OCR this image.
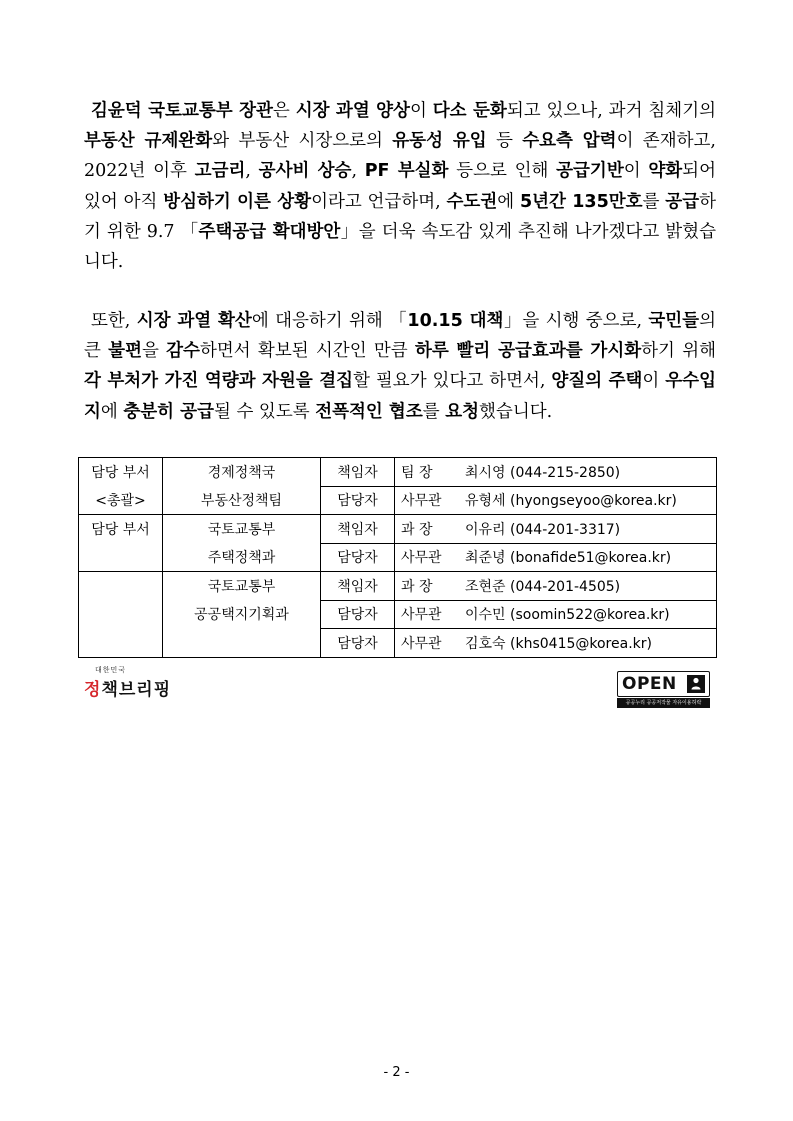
김윤덕 국토교통부 장관은 시장 과열 양상이 다소 둔화되고 있으나, 과거 침체기의 부동산 규제완화와 부동산 시장으로의 유동성 유입 등 수요측 압력이 존재하고, 2022년 이후 고금리, 공사비 상승, PF 부실화 등으로 인해 공급기반이 약화되어 있어 아직 방심하기 이른 상황이라고 언급하며, 수도권에 5년간 135만호를 공급하기 위한 9.7 「주택공급 확대방안」을 더욱 속도감 있게 추진해 나가겠다고 밝혔습니다.
또한, 시장 과열 확산에 대응하기 위해 「10.15 대책」을 시행 중으로, 국민들의 큰 불편을 감수하면서 확보된 시간인 만큼 하루 빨리 공급효과를 가시화하기 위해 각 부처가 가진 역량과 자원을 결집할 필요가 있다고 하면서, 양질의 주택이 우수입지에 충분히 공급될 수 있도록 전폭적인 협조를 요청했습니다.
담당 부서	경제정책국	책임자	팀 장 최시영 (044-215-2850)
<총괄>	부동산정책팀	담당자	사무관 유형세 (hyongseyoo@korea.kr)
담당 부서	국토교통부	책임자	과 장 이유리 (044-201-3317)
	주택정책과	담당자	사무관 최준녕 (bonafide51@korea.kr)
	국토교통부	책임자	과 장 조현준 (044-201-4505)
	공공택지기획과	담당자	사무관 이수민 (soomin522@korea.kr)
		담당자	사무관 김호숙 (khs0415@korea.kr)
대한민국
정책브리핑	OPEN
공공누리 공공저작물 자유이용허락
- 2 -
